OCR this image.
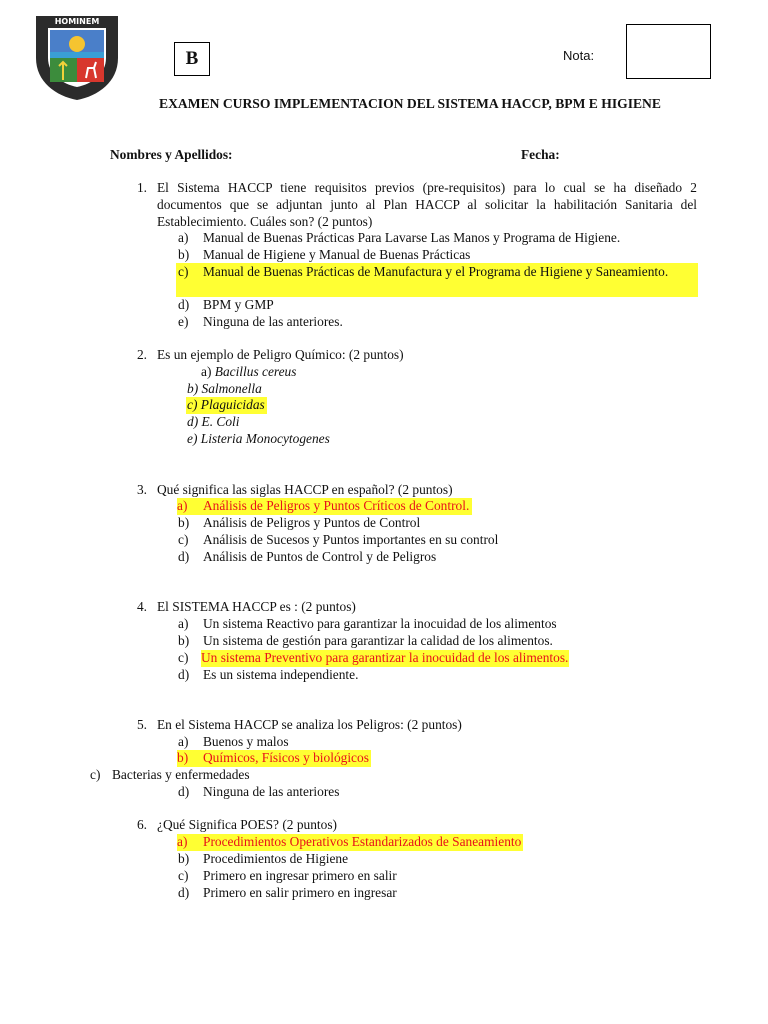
HOMINEM
B	Nota:
EXAMEN CURSO IMPLEMENTACION DEL SISTEMA HACCP, BPM E HIGIENE
Nombres y Apellidos:	Fecha:
1. El Sistema HACCP tiene requisitos previos (pre-requisitos) para lo cual se ha diseñado 2 documentos que se adjuntan junto al Plan HACCP al solicitar la habilitación Sanitaria del Establecimiento. Cuáles son? (2 puntos)
a)	Manual de Buenas Prácticas Para Lavarse Las Manos y Programa de Higiene.
b)	Manual de Higiene y Manual de Buenas Prácticas
c)	Manual de Buenas Prácticas de Manufactura y el Programa de Higiene y Saneamiento.
d)	BPM y GMP
e)	Ninguna de las anteriores.
2. Es un ejemplo de Peligro Químico: (2 puntos)
a) Bacillus cereus
b) Salmonella
c) Plaguicidas
d) E. Coli
e) Listeria Monocytogenes
3. Qué significa las siglas HACCP en español? (2 puntos)
a) Análisis de Peligros y Puntos Críticos de Control.
b)	Análisis de Peligros y Puntos de Control
c)	Análisis de Sucesos y Puntos importantes en su control
d)	Análisis de Puntos de Control y de Peligros
4. El SISTEMA HACCP es : (2 puntos)
a)	Un sistema Reactivo para garantizar la inocuidad de los alimentos
b)	Un sistema de gestión para garantizar la calidad de los alimentos.
c) Un sistema Preventivo para garantizar la inocuidad de los alimentos.
d)	Es un sistema independiente.
5. En el Sistema HACCP se analiza los Peligros: (2 puntos)
a)	Buenos y malos
b) Químicos, Físicos y biológicos
c) Bacterias y enfermedades
d)	Ninguna de las anteriores
6. ¿Qué Significa POES? (2 puntos)
a) Procedimientos Operativos Estandarizados de Saneamiento
b)	Procedimientos de Higiene
c)	Primero en ingresar primero en salir
d)	Primero en salir primero en ingresar
